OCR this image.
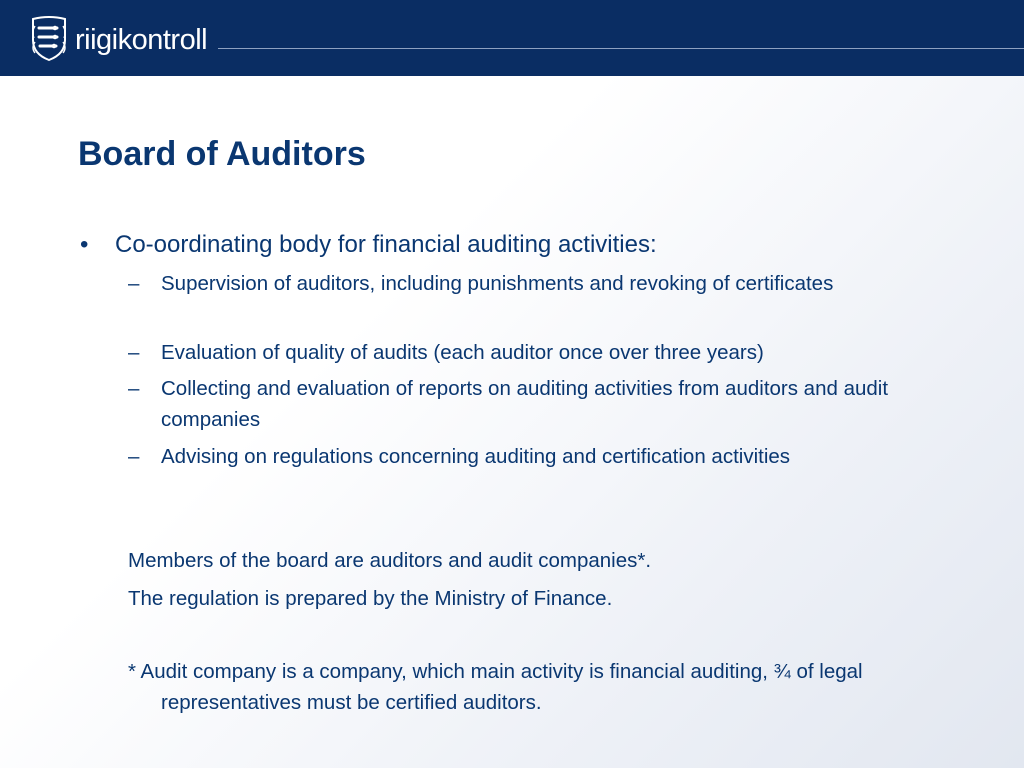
riigikontroll
Board of Auditors
• Co-oordinating body for financial auditing activities:
– Supervision of auditors, including punishments and revoking of certificates
– Evaluation of quality of audits (each auditor once over three years)
– Collecting and evaluation of reports on auditing activities from auditors and audit companies
– Advising on regulations concerning auditing and certification activities
Members of the board are auditors and audit companies*.
The regulation is prepared by the Ministry of Finance.
* Audit company is a company, which main activity is financial auditing, ¾ of legal representatives must be certified auditors.
